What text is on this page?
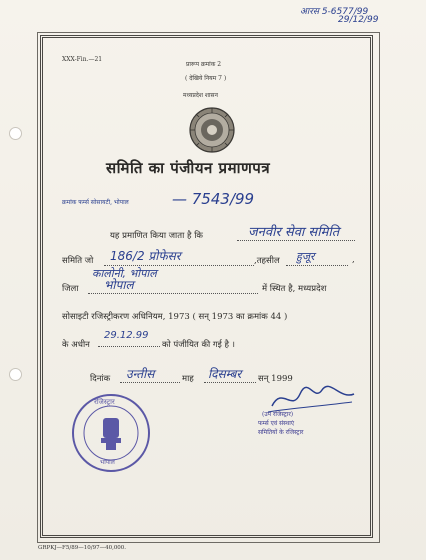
आरस 5-6577/99
29/12/99
XXX-Fin.—21
प्रारूप क्रमांक 2
( देखिये नियम 7 )
मध्यप्रदेश शासन
समिति का पंजीयन प्रमाणपत्र
क्रमांक फर्म्स सोसायटी, भोपाल	— 7543/99
यह प्रमाणित किया जाता है कि	जनवीर सेवा समिति
समिति जो 186/2 प्रोफेसर	,तहसील हुजूर	,
कालोनी, भोपाल
जिला भोपाल	में स्थित है, मध्यप्रदेश
सोसाइटी रजिस्ट्रीकरण अधिनियम, 1973 ( सन् 1973 का क्रमांक 44 )
के अधीन
29.12.99
को पंजीयित की गई है ।
दिनांक उन्तीस	माह दिसम्बर सन् 1999
रजिस्ट्रार
भोपाल
(उप रजिस्ट्रार)
फर्म्स एवं संस्थाएं
समितियों के रजिस्ट्रार
GRPKJ—F5/89—10/97—40,000.
